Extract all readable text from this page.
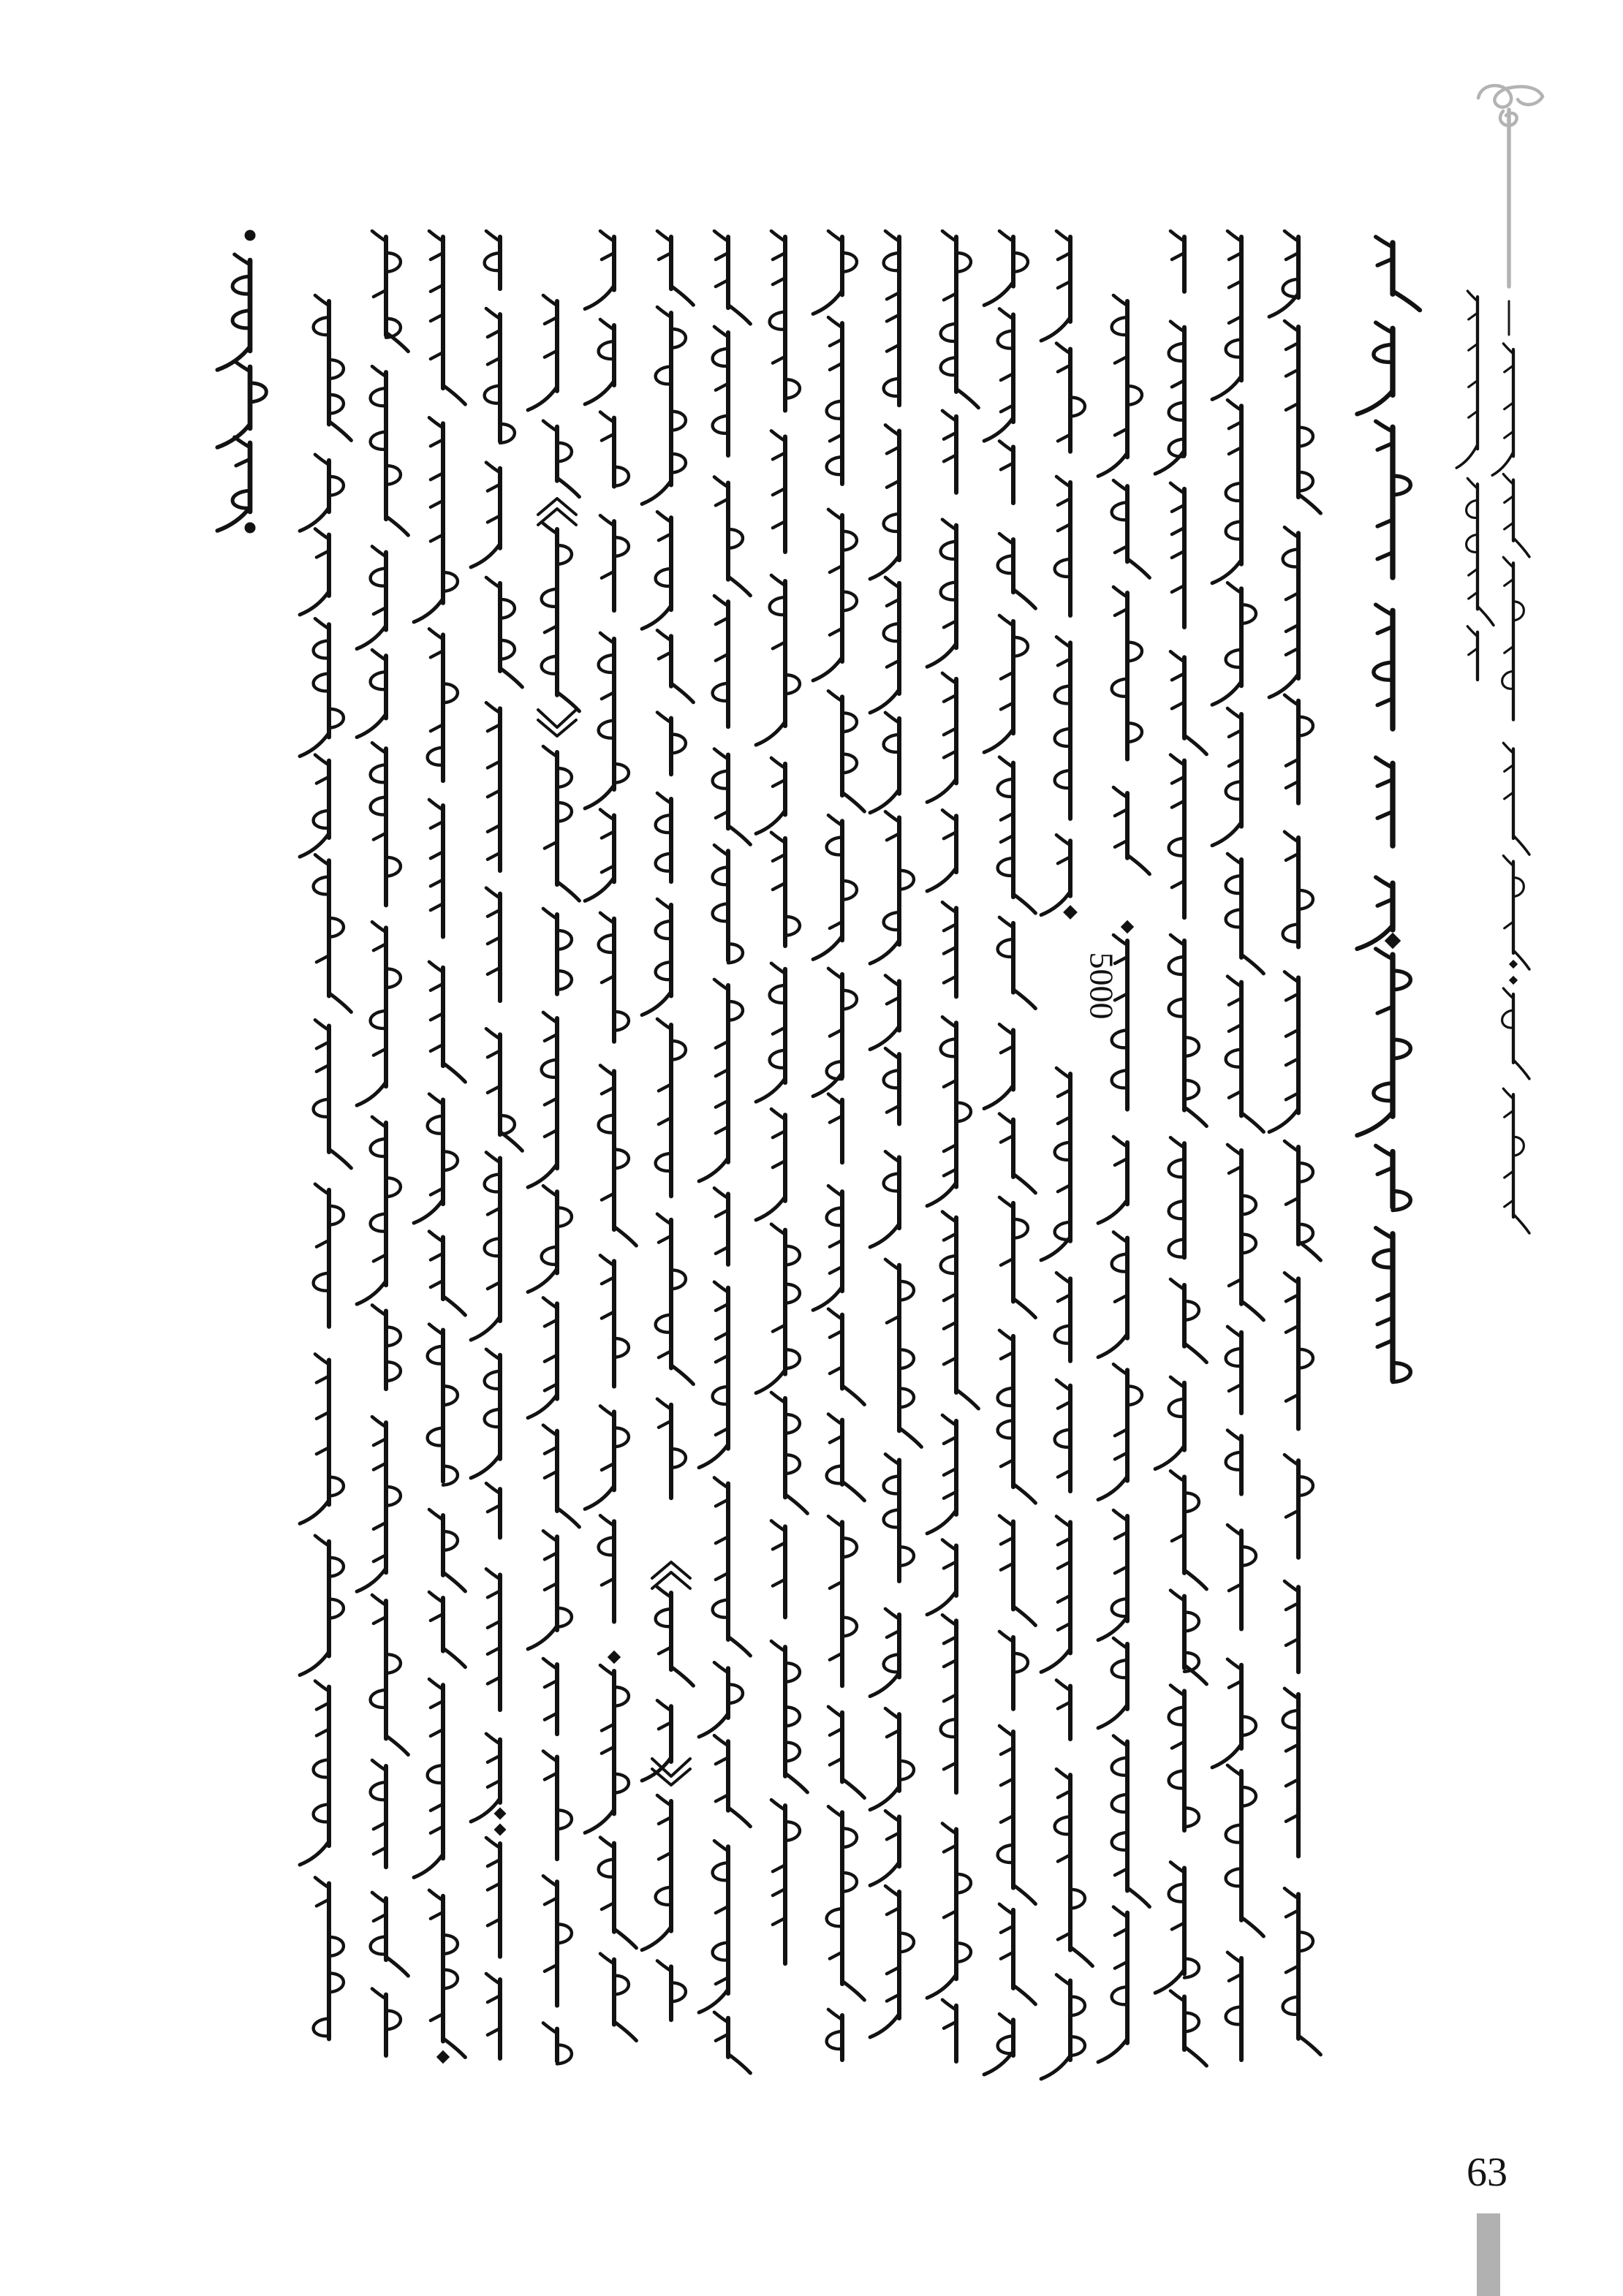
5000
63
